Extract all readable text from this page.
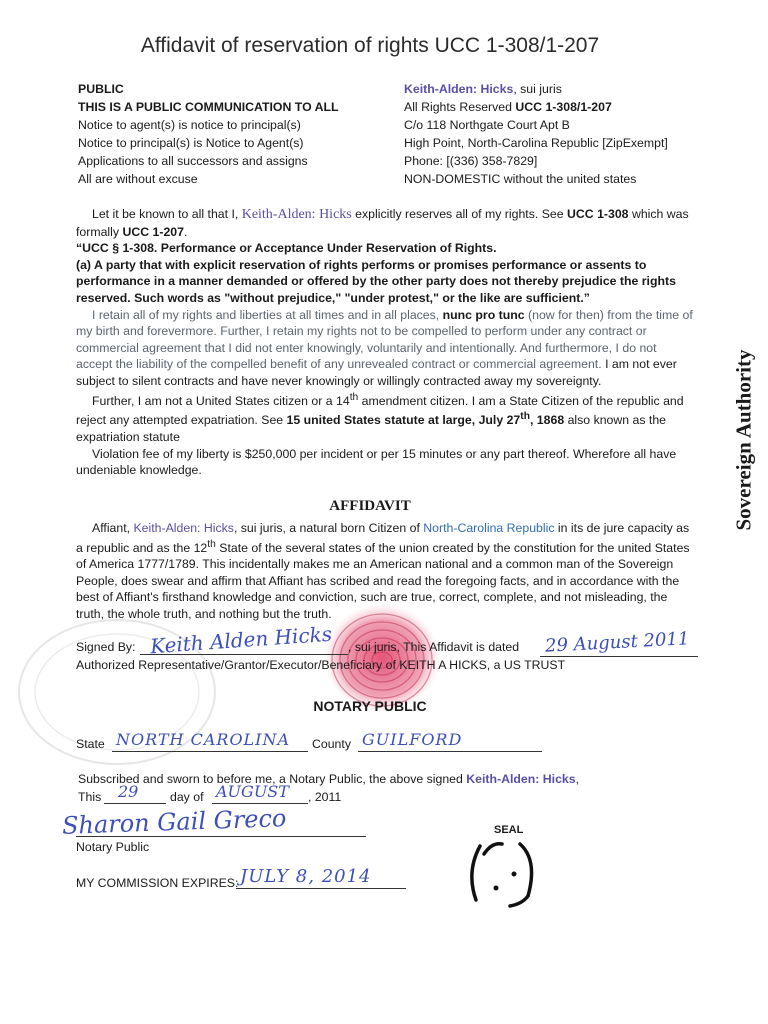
Affidavit of reservation of rights UCC 1-308/1-207
PUBLIC
THIS IS A PUBLIC COMMUNICATION TO ALL
Notice to agent(s) is notice to principal(s)
Notice to principal(s) is Notice to Agent(s)
Applications to all successors and assigns
All are without excuse
Keith-Alden: Hicks, sui juris
All Rights Reserved UCC 1-308/1-207
C/o 118 Northgate Court Apt B
High Point, North-Carolina Republic [ZipExempt]
Phone: [(336) 358-7829]
NON-DOMESTIC without the united states

Let it be known to all that I, Keith-Alden: Hicks explicitly reserves all of my rights. See UCC 1-308 which was formally UCC 1-207.

“UCC § 1-308. Performance or Acceptance Under Reservation of Rights.

(a) A party that with explicit reservation of rights performs or promises performance or assents to performance in a manner demanded or offered by the other party does not thereby prejudice the rights reserved. Such words as "without prejudice," "under protest," or the like are sufficient.”

I retain all of my rights and liberties at all times and in all places, nunc pro tunc (now for then) from the time of my birth and forevermore. Further, I retain my rights not to be compelled to perform under any contract or commercial agreement that I did not enter knowingly, voluntarily and intentionally. And furthermore, I do not accept the liability of the compelled benefit of any unrevealed contract or commercial agreement. I am not ever subject to silent contracts and have never knowingly or willingly contracted away my sovereignty.

Further, I am not a United States citizen or a 14th amendment citizen. I am a State Citizen of the republic and reject any attempted expatriation. See 15 united States statute at large, July 27th, 1868 also known as the expatriation statute

Violation fee of my liberty is $250,000 per incident or per 15 minutes or any part thereof. Wherefore all have undeniable knowledge.

AFFIDAVIT

Affiant, Keith-Alden: Hicks, sui juris, a natural born Citizen of North-Carolina Republic in its de jure capacity as a republic and as the 12th State of the several states of the union created by the constitution for the united States of America 1777/1789. This incidentally makes me an American national and a common man of the Sovereign People, does swear and affirm that Affiant has scribed and read the foregoing facts, and in accordance with the best of Affiant's firsthand knowledge and conviction, such are true, correct, complete, and not misleading, the truth, the whole truth, and nothing but the truth.

Sovereign Authority
Signed By: Keith Alden Hicks , sui juris, This Affidavit is dated 29 August 2011
Authorized Representative/Grantor/Executor/Beneficiary of KEITH A HICKS, a US TRUST
NOTARY PUBLIC
State NORTH CAROLINA County GUILFORD
Subscribed and sworn to before me, a Notary Public, the above signed Keith-Alden: Hicks,
This 29	day of AUGUST , 2011
Sharon Gail Greco
Notary Public
MY COMMISSION EXPIRES: JULY 8, 2014
SEAL
